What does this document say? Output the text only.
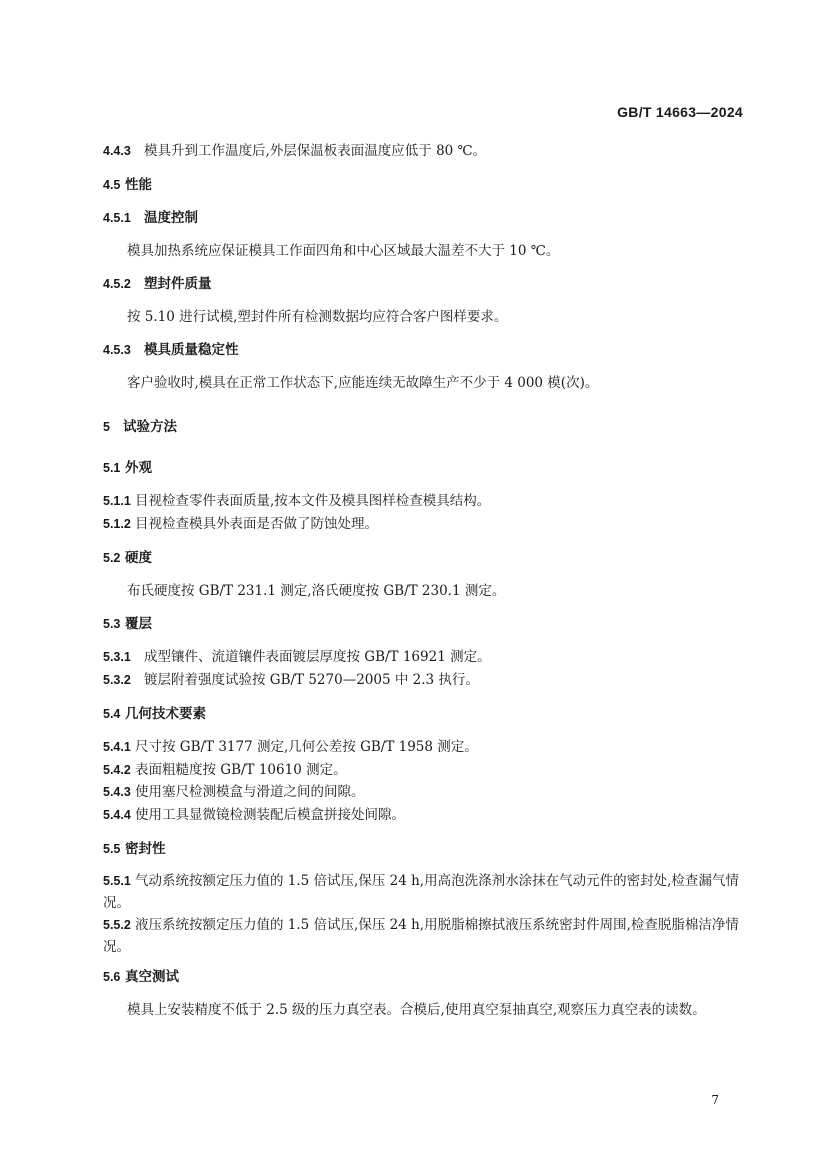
GB/T 14663—2024
4.4.3 模具升到工作温度后,外层保温板表面温度应低于 80 ℃。
4.5 性能
4.5.1 温度控制
模具加热系统应保证模具工作面四角和中心区域最大温差不大于 10 ℃。
4.5.2 塑封件质量
按 5.10 进行试模,塑封件所有检测数据均应符合客户图样要求。
4.5.3 模具质量稳定性
客户验收时,模具在正常工作状态下,应能连续无故障生产不少于 4 000 模(次)。
5 试验方法
5.1 外观
5.1.1 目视检查零件表面质量,按本文件及模具图样检查模具结构。
5.1.2 目视检查模具外表面是否做了防蚀处理。
5.2 硬度
布氏硬度按 GB/T 231.1 测定,洛氏硬度按 GB/T 230.1 测定。
5.3 覆层
5.3.1 成型镶件、流道镶件表面镀层厚度按 GB/T 16921 测定。
5.3.2 镀层附着强度试验按 GB/T 5270—2005 中 2.3 执行。
5.4 几何技术要素
5.4.1 尺寸按 GB/T 3177 测定,几何公差按 GB/T 1958 测定。
5.4.2 表面粗糙度按 GB/T 10610 测定。
5.4.3 使用塞尺检测模盒与滑道之间的间隙。
5.4.4 使用工具显微镜检测装配后模盒拼接处间隙。
5.5 密封性
5.5.1 气动系统按额定压力值的 1.5 倍试压,保压 24 h,用高泡洗涤剂水涂抹在气动元件的密封处,检查漏气情况。
5.5.2 液压系统按额定压力值的 1.5 倍试压,保压 24 h,用脱脂棉擦拭液压系统密封件周围,检查脱脂棉洁净情况。
5.6 真空测试
模具上安装精度不低于 2.5 级的压力真空表。合模后,使用真空泵抽真空,观察压力真空表的读数。
7
